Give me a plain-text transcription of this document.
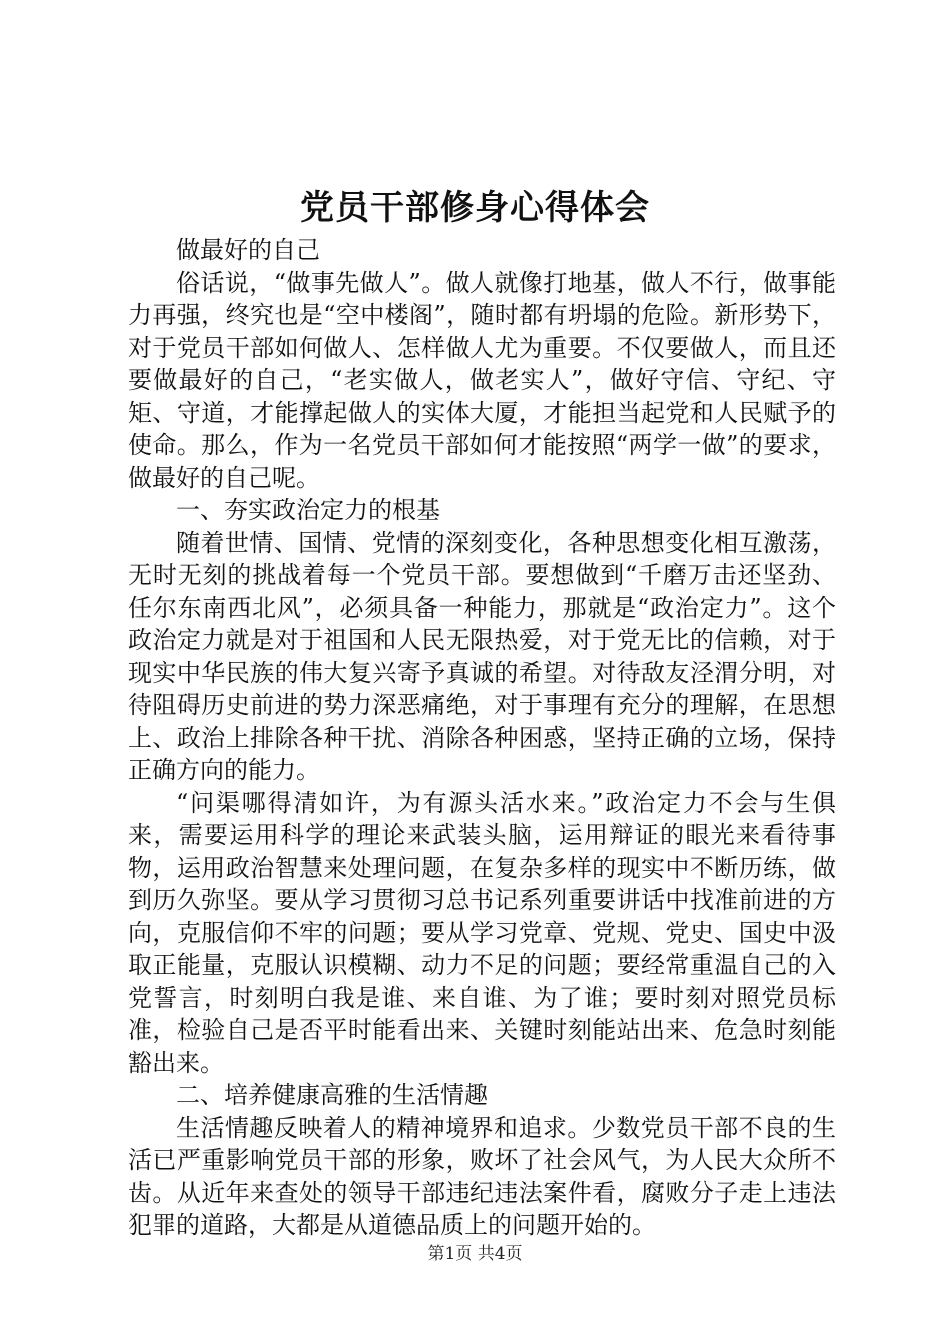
党员干部修身心得体会

做最好的自己

俗话说，“做事先做人”。做人就像打地基，做人不行，做事能力再强，终究也是“空中楼阁”，随时都有坍塌的危险。新形势下，对于党员干部如何做人、怎样做人尤为重要。不仅要做人，而且还要做最好的自己，“老实做人，做老实人”，做好守信、守纪、守矩、守道，才能撑起做人的实体大厦，才能担当起党和人民赋予的使命。那么，作为一名党员干部如何才能按照“两学一做”的要求，做最好的自己呢。

一、夯实政治定力的根基

随着世情、国情、党情的深刻变化，各种思想变化相互激荡，无时无刻的挑战着每一个党员干部。要想做到“千磨万击还坚劲、任尔东南西北风”，必须具备一种能力，那就是“政治定力”。这个政治定力就是对于祖国和人民无限热爱，对于党无比的信赖，对于现实中华民族的伟大复兴寄予真诚的希望。对待敌友泾渭分明，对待阻碍历史前进的势力深恶痛绝，对于事理有充分的理解，在思想上、政治上排除各种干扰、消除各种困惑，坚持正确的立场，保持正确方向的能力。

“问渠哪得清如许，为有源头活水来。”政治定力不会与生俱来，需要运用科学的理论来武装头脑，运用辩证的眼光来看待事物，运用政治智慧来处理问题，在复杂多样的现实中不断历练，做到历久弥坚。要从学习贯彻习总书记系列重要讲话中找准前进的方向，克服信仰不牢的问题；要从学习党章、党规、党史、国史中汲取正能量，克服认识模糊、动力不足的问题；要经常重温自己的入党誓言，时刻明白我是谁、来自谁、为了谁；要时刻对照党员标准，检验自己是否平时能看出来、关键时刻能站出来、危急时刻能豁出来。

二、培养健康高雅的生活情趣

生活情趣反映着人的精神境界和追求。少数党员干部不良的生活已严重影响党员干部的形象，败坏了社会风气，为人民大众所不齿。从近年来查处的领导干部违纪违法案件看，腐败分子走上违法犯罪的道路，大都是从道德品质上的问题开始的。

第1页 共4页
